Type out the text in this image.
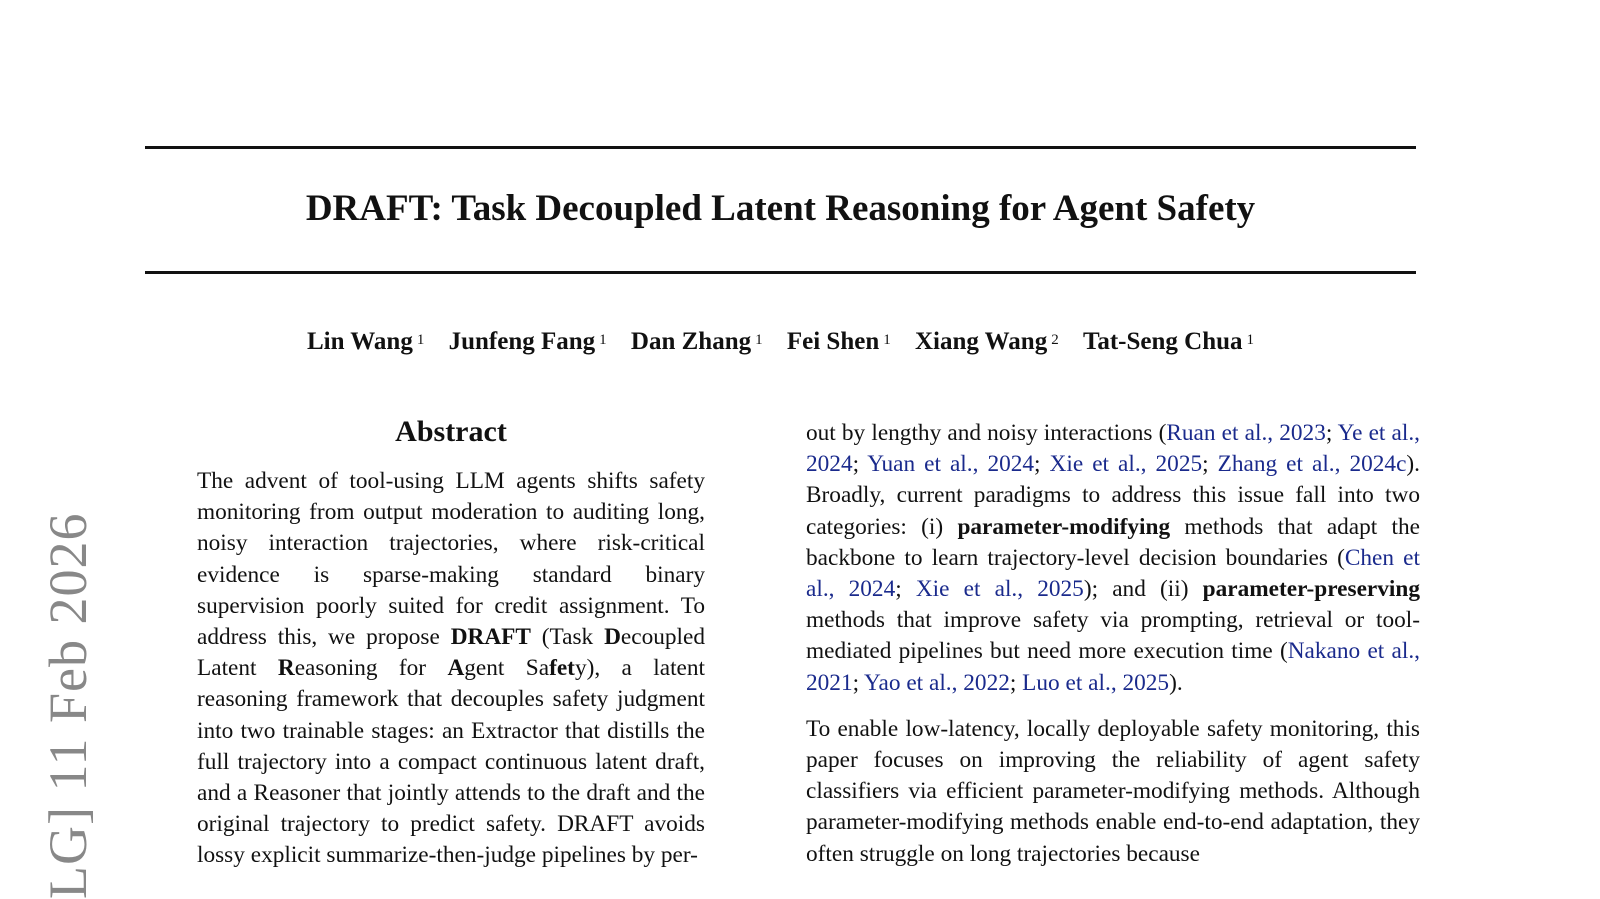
DRAFT: Task Decoupled Latent Reasoning for Agent Safety
Lin Wang $^1$ Junfeng Fang $^1$ Dan Zhang $^1$ Fei Shen $^1$ Xiang Wang $^2$ Tat-Seng Chua $^1$
LG] 11 Feb 2026
Abstract

The advent of tool-using LLM agents shifts safety monitoring from output moderation to auditing long, noisy interaction trajectories, where risk-critical evidence is sparse-making standard binary supervision poorly suited for credit assignment. To address this, we propose DRAFT (Task Decoupled Latent Reasoning for Agent Safety), a latent reasoning framework that decouples safety judgment into two trainable stages: an Extractor that distills the full trajectory into a compact continuous latent draft, and a Reasoner that jointly attends to the draft and the original trajectory to predict safety. DRAFT avoids lossy explicit summarize-then-judge pipelines by per-

out by lengthy and noisy interactions (Ruan et al., 2023; Ye et al., 2024; Yuan et al., 2024; Xie et al., 2025; Zhang et al., 2024c). Broadly, current paradigms to address this issue fall into two categories: (i) parameter-modifying methods that adapt the backbone to learn trajectory-level decision boundaries (Chen et al., 2024; Xie et al., 2025); and (ii) parameter-preserving methods that improve safety via prompting, retrieval or tool-mediated pipelines but need more execution time (Nakano et al., 2021; Yao et al., 2022; Luo et al., 2025).

To enable low-latency, locally deployable safety monitoring, this paper focuses on improving the reliability of agent safety classifiers via efficient parameter-modifying methods. Although parameter-modifying methods enable end-to-end adaptation, they often struggle on long trajectories because
